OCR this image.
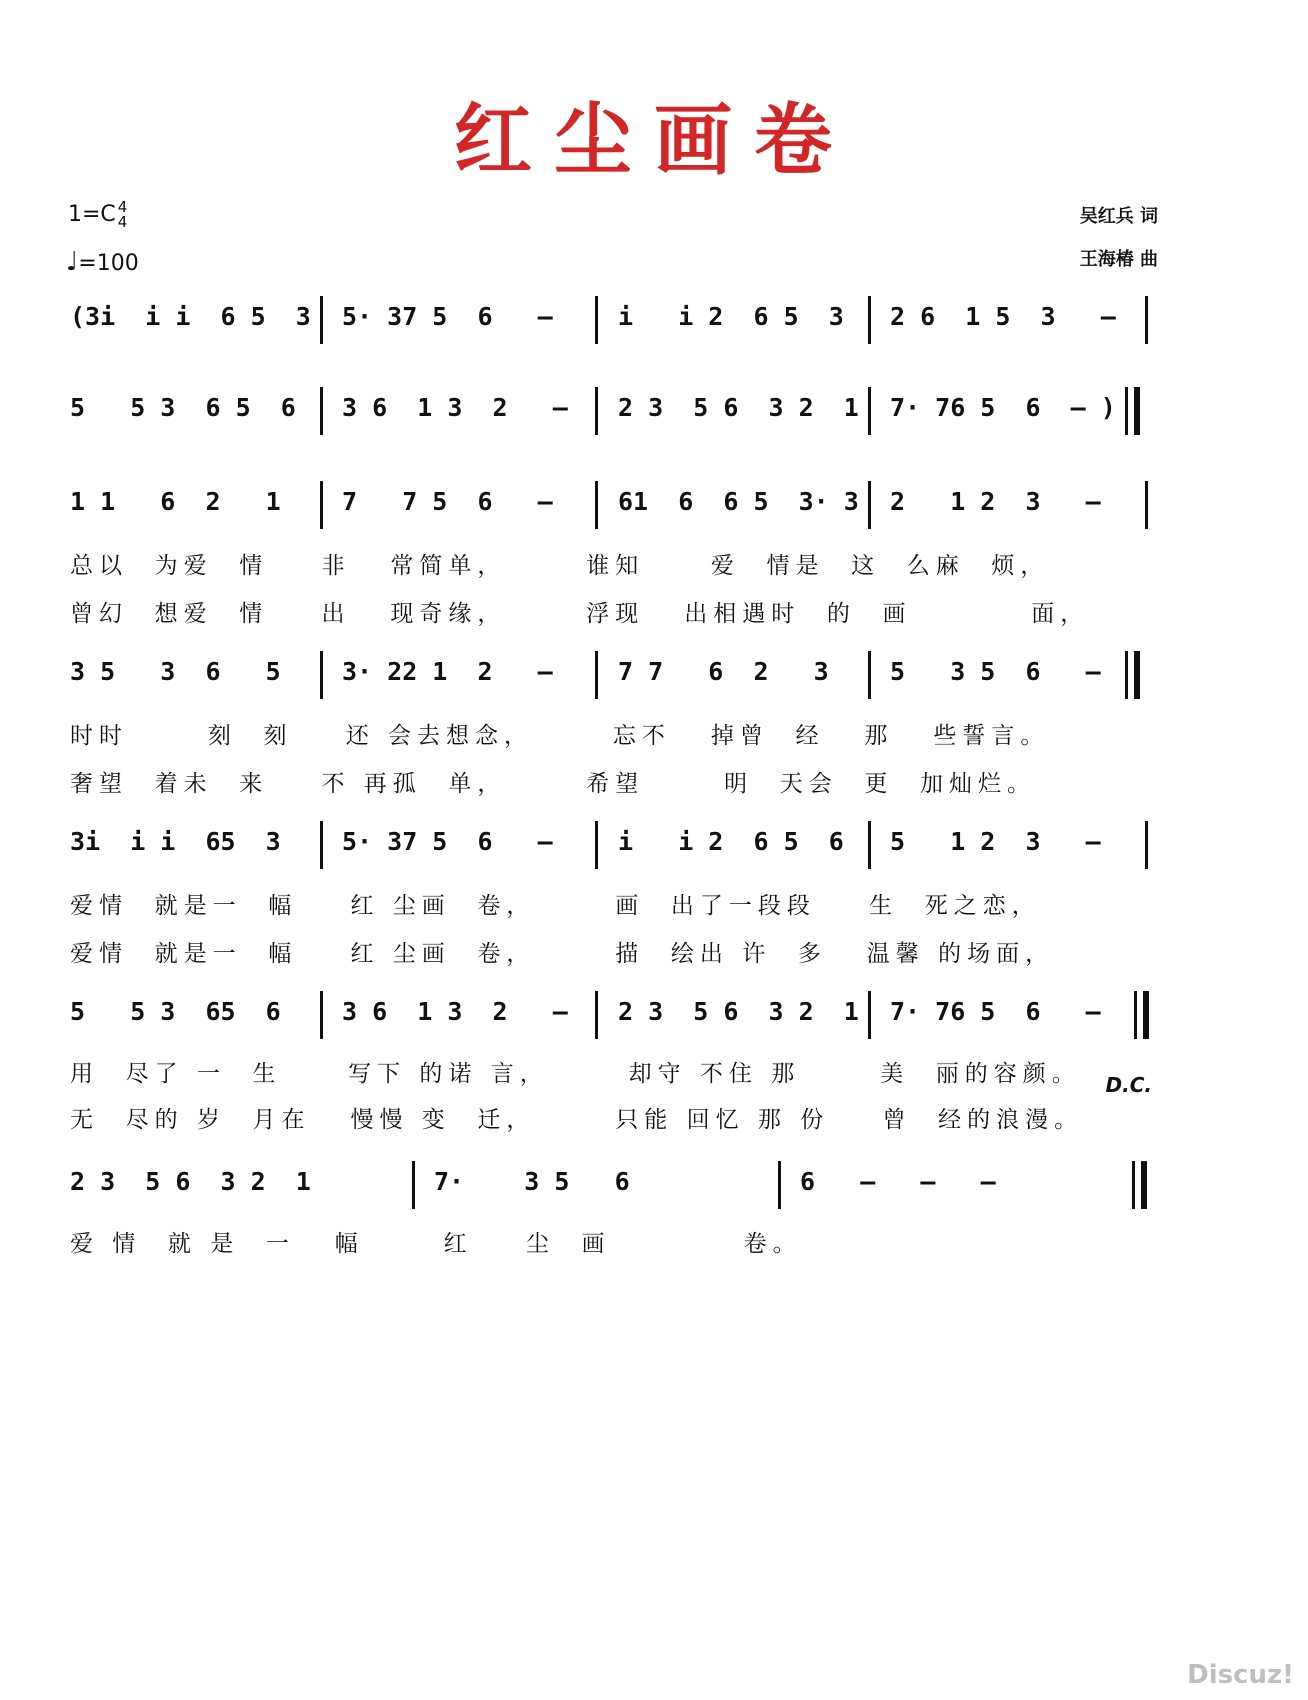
红尘画卷
1=C 4
4
♩=100
吴红兵 词
王海椿 曲

(3i  i i  6 5  3

5· 37 5  6   –

	i   i 2  6 5  3

2 6  1 5  3   –

5   5 3  6 5  6

3 6  1 3  2   –

2 3  5 6  3 2  1

7· 76 5  6  – )

1 1   6  2   1

7   7 5  6   –

	61  6  6 5  3· 3

2   1 2  3   –

总以  为爱  情    非   常简单，      谁知     爱  情是  这  么麻  烦，
曾幻  想爱  情    出   现奇缘，      浮现   出相遇时  的  画         面，

3 5   3  6   5

3· 22 1  2   –

	7 7   6  2   3

5   3 5  6   –

时时      刻  刻    还 会去想念，      忘不   掉曾  经   那   些誓言。
奢望  着未  来    不 再孤  单，      希望      明  天会  更  加灿烂。

3i  i i  65  3

5· 37 5  6   –

	i   i 2  6 5  6

5   1 2  3   –

爱情  就是一  幅    红 尘画  卷，      画  出了一段段    生  死之恋，
爱情  就是一  幅    红 尘画  卷，      描  绘出 许  多   温馨 的场面，

5   5 3  65  6

3 6  1 3  2   –

2 3  5 6  3 2  1

7· 76 5  6   –

用  尽了 一  生     写下 的诺 言，      却守 不住 那      美  丽的容颜。
无  尽的 岁  月在   慢慢 变  迁，      只能 回忆 那 份    曾  经的浪漫。
D.C.

2 3  5 6  3 2  1

	7·    3 5   6

	6   –   –   –

爱 情  就 是  一   幅      红    尘  画          卷。
Discuz!
